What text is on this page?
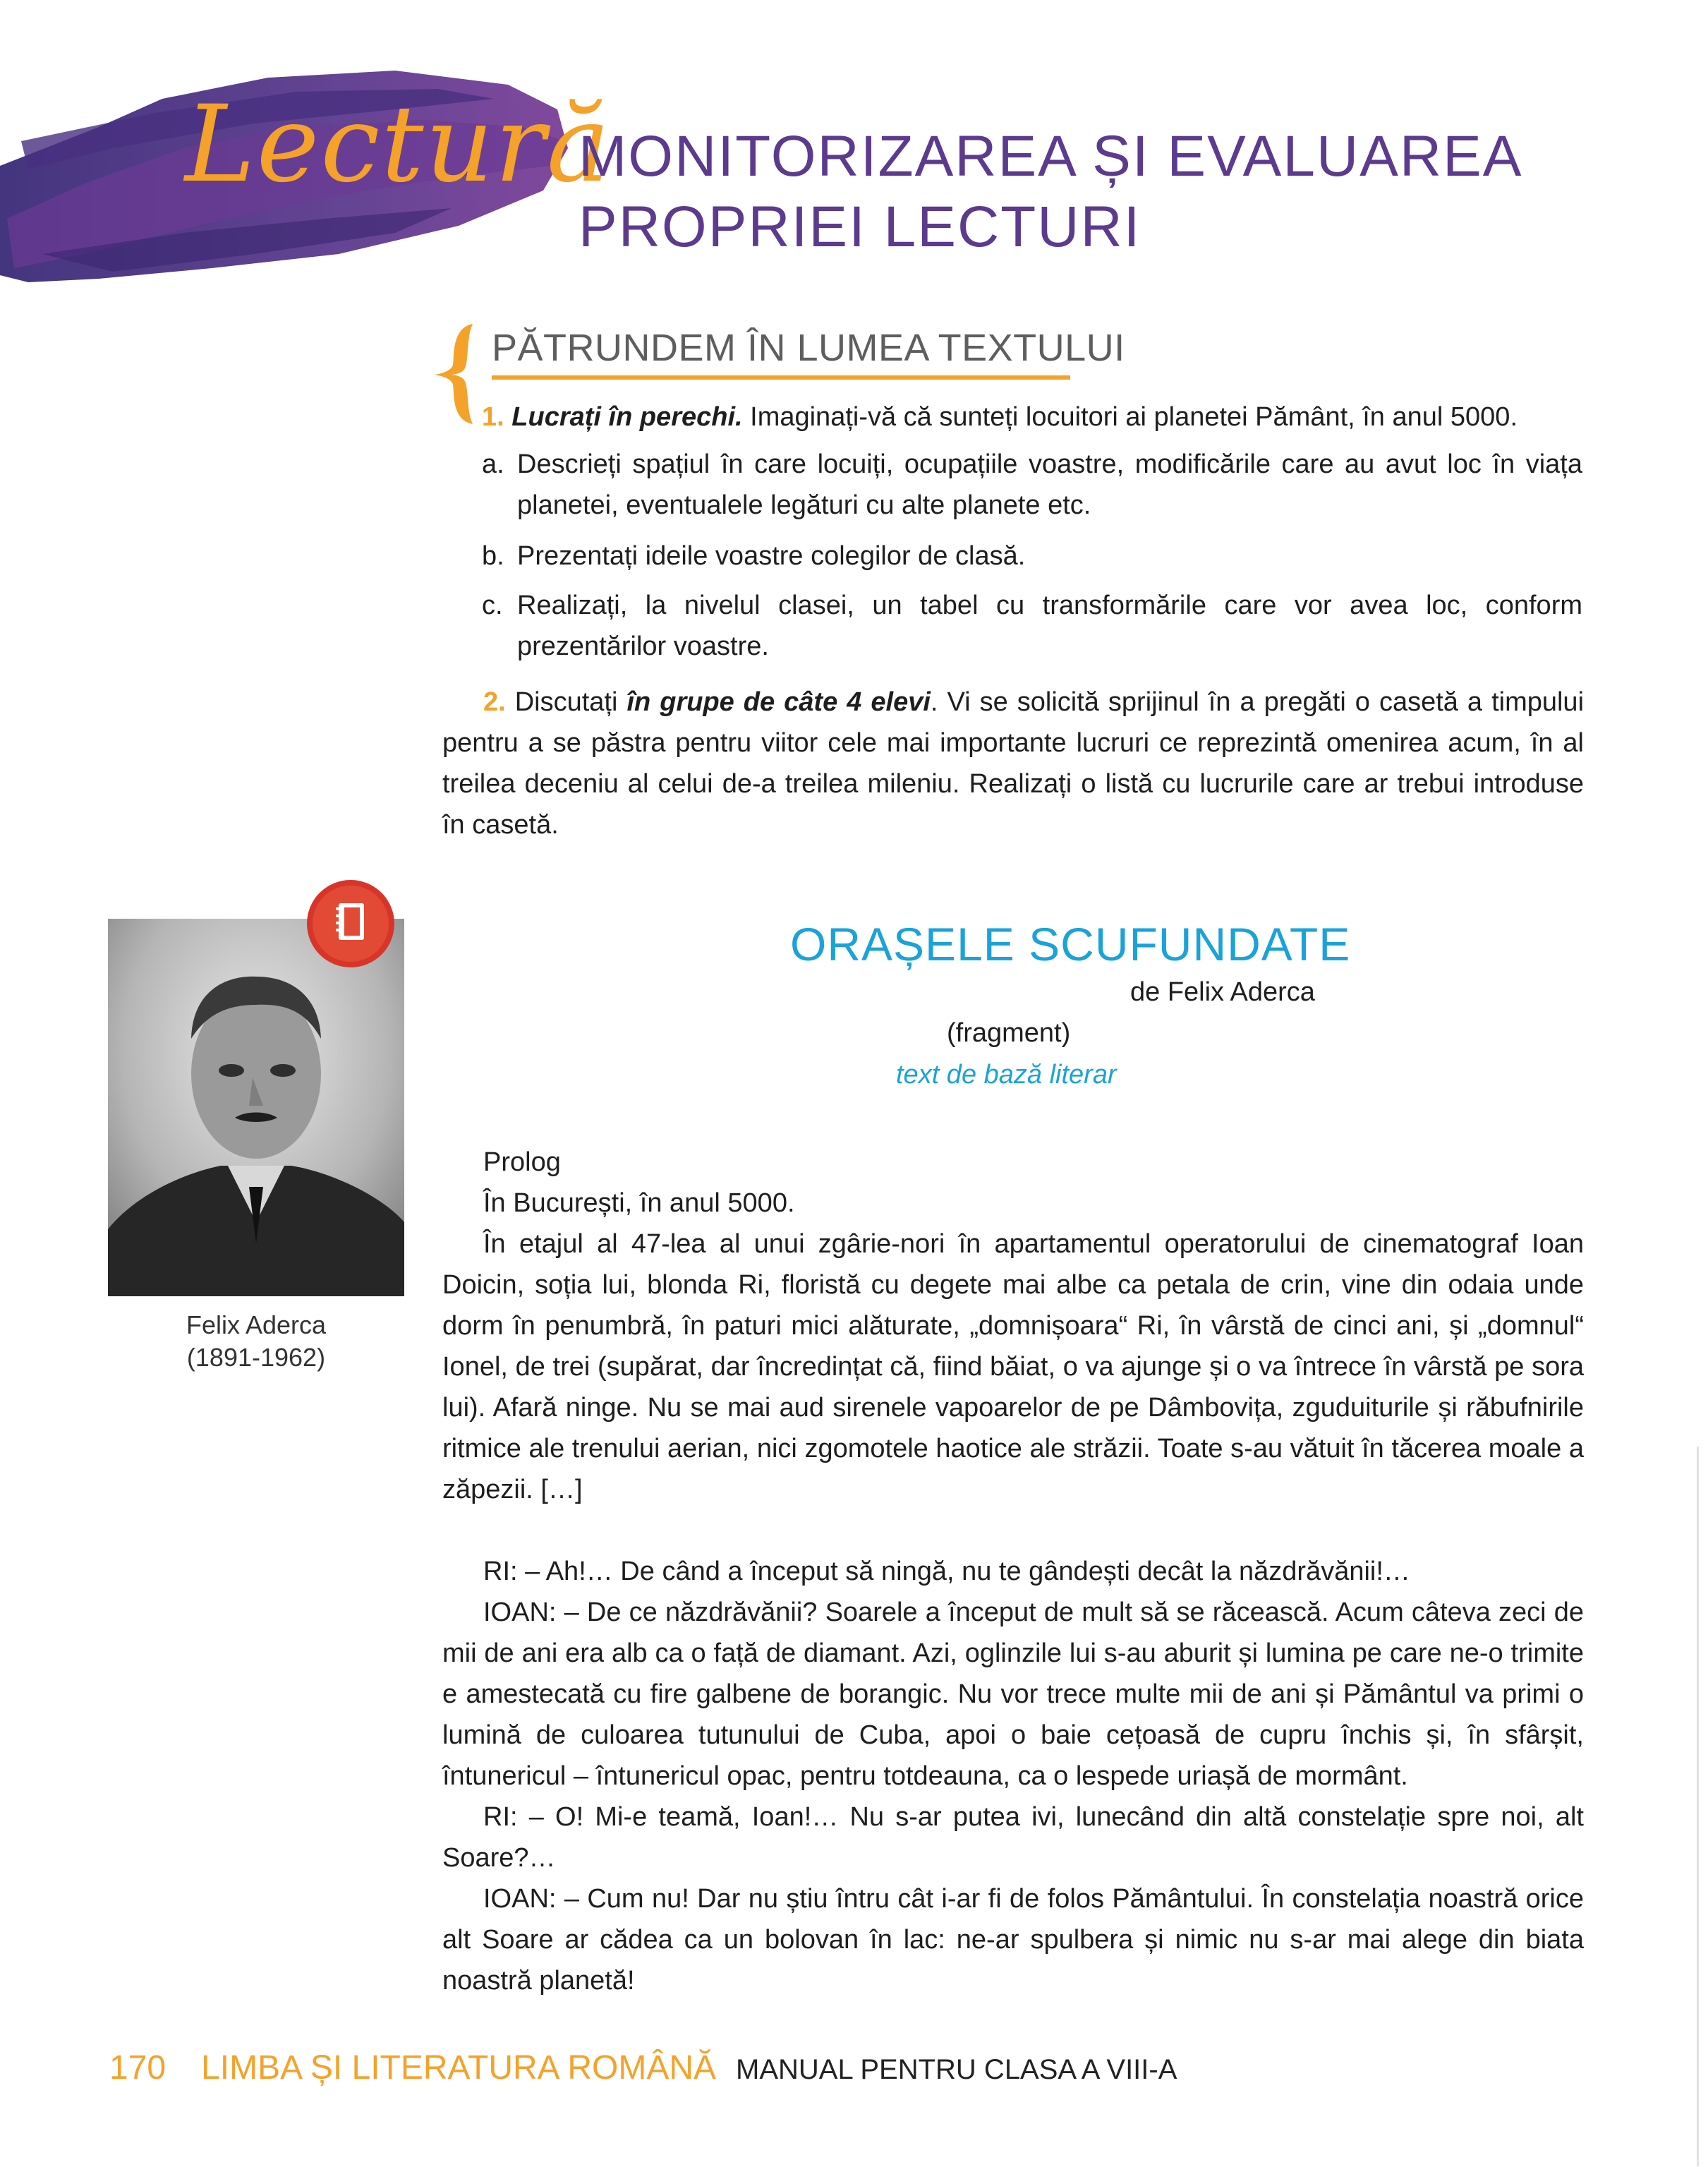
Lectură
MONITORIZAREA ȘI EVALUAREA
PROPRIEI LECTURI
PĂTRUNDEM ÎN LUMEA TEXTULUI
1. Lucrați în perechi. Imaginați-vă că sunteți locuitori ai planetei Pământ, în anul 5000.
a. Descrieți spațiul în care locuiți, ocupațiile voastre, modificările care au avut loc în viața planetei, eventualele legături cu alte planete etc.

b. Prezentați ideile voastre colegilor de clasă.

c. Realizați, la nivelul clasei, un tabel cu transformările care vor avea loc, conform prezentărilor voastre.

2. Discutați în grupe de câte 4 elevi. Vi se solicită sprijinul în a pregăti o casetă a timpului pentru a se păstra pentru viitor cele mai importante lucruri ce reprezintă omenirea acum, în al treilea deceniu al celui de-a treilea mileniu. Realizați o listă cu lucrurile care ar trebui introduse în casetă.

Felix Aderca
(1891-1962)
ORAȘELE SCUFUNDATE
de Felix Aderca
(fragment)
text de bază literar

Prolog

În București, în anul 5000.

În etajul al 47-lea al unui zgârie-nori în apartamentul operatorului de cinematograf Ioan Doicin, soția lui, blonda Ri, floristă cu degete mai albe ca petala de crin, vine din odaia unde dorm în penumbră, în paturi mici alăturate, „domnișoara“ Ri, în vârstă de cinci ani, și „domnul“ Ionel, de trei (supărat, dar încredințat că, fiind băiat, o va ajunge și o va întrece în vârstă pe sora lui). Afară ninge. Nu se mai aud sirenele vapoarelor de pe Dâmbovița, zguduiturile și răbufnirile ritmice ale trenului aerian, nici zgomotele haotice ale străzii. Toate s-au vătuit în tăcerea moale a zăpezii. […]

RI: – Ah!… De când a început să ningă, nu te gândești decât la năzdrăvănii!…

IOAN: – De ce năzdrăvănii? Soarele a început de mult să se răcească. Acum câteva zeci de mii de ani era alb ca o față de diamant. Azi, oglinzile lui s-au aburit și lumina pe care ne-o trimite e amestecată cu fire galbene de borangic. Nu vor trece multe mii de ani și Pământul va primi o lumină de culoarea tutunului de Cuba, apoi o baie cețoasă de cupru închis și, în sfârșit, întunericul – întunericul opac, pentru totdeauna, ca o lespede uriașă de mormânt.

RI: – O! Mi-e teamă, Ioan!… Nu s-ar putea ivi, lunecând din altă constelație spre noi, alt Soare?…

IOAN: – Cum nu! Dar nu știu întru cât i-ar fi de folos Pământului. În constelația noastră orice alt Soare ar cădea ca un bolovan în lac: ne-ar spulbera și nimic nu s-ar mai alege din biata noastră planetă!

170 LIMBA ȘI LITERATURA ROMÂNĂ MANUAL PENTRU CLASA A VIII-A
